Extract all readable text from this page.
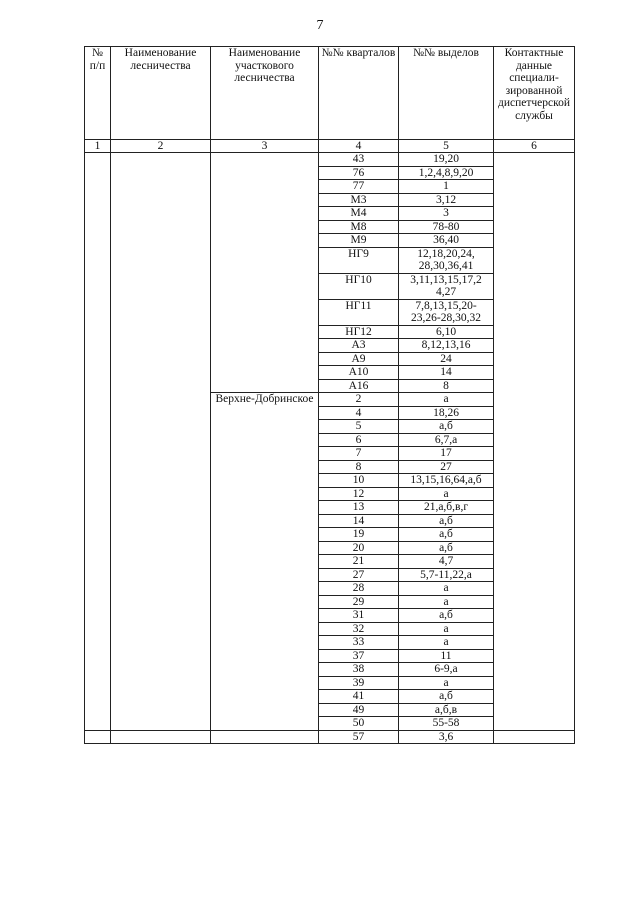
7
№ п/п	Наименование лесничества	Наименование участкового лесничества	№№ кварталов	№№ выделов	Контактные данные специали-зированной диспетчерской службы
1	2	3	4	5	6
			43	19,20	
			76	1,2,4,8,9,20	
			77	1	
			М3	3,12	
			М4	3	
			М8	78-80	
			М9	36,40	
			НГ9	12,18,20,24,
28,30,36,41	
			НГ10	3,11,13,15,17,2
4,27	
			НГ11	7,8,13,15,20-
23,26-28,30,32	
			НГ12	6,10	
			А3	8,12,13,16	
			А9	24	
			А10	14	
			А16	8	
		Верхне-Добринское	2	а	
			4	18,26	
			5	а,б	
			6	6,7,а	
			7	17	
			8	27	
			10	13,15,16,64,а,б	
			12	а	
			13	21,а,б,в,г	
			14	а,б	
			19	а,б	
			20	а,б	
			21	4,7	
			27	5,7-11,22,а	
			28	а	
			29	а	
			31	а,б	
			32	а	
			33	а	
			37	11	
			38	6-9,а	
			39	а	
			41	а,б	
			49	а,б,в	
			50	55-58	
			57	3,6	
